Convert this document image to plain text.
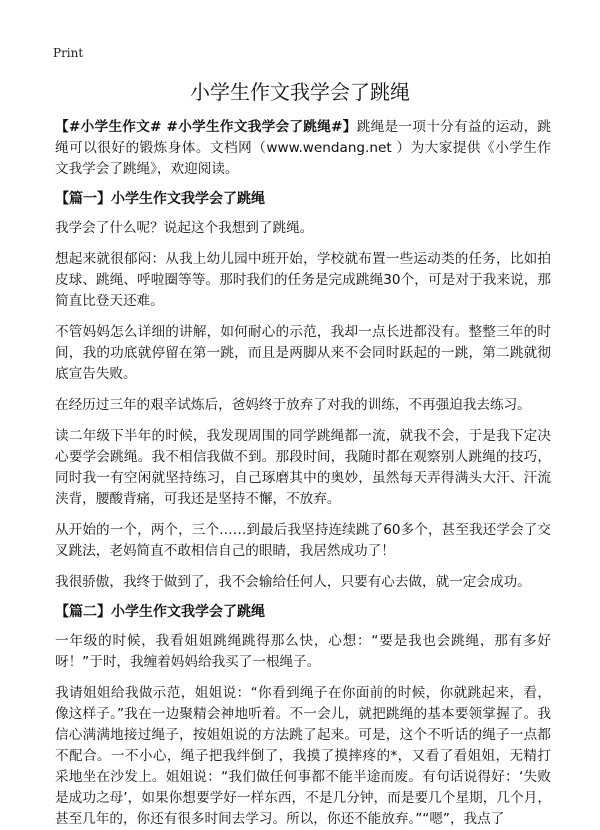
Print
小学生作文我学会了跳绳

【#小学生作文# #小学生作文我学会了跳绳#】跳绳是一项十分有益的运动，跳绳可以很好的锻炼身体。文档网（www.wendang.net ）为大家提供《小学生作文我学会了跳绳》，欢迎阅读。

【篇一】小学生作文我学会了跳绳

我学会了什么呢？说起这个我想到了跳绳。

想起来就很郁闷：从我上幼儿园中班开始，学校就布置一些运动类的任务，比如拍皮球、跳绳、呼啦圈等等。那时我们的任务是完成跳绳30个，可是对于我来说，那简直比登天还难。

不管妈妈怎么详细的讲解，如何耐心的示范，我却一点长进都没有。整整三年的时间，我的功底就停留在第一跳，而且是两脚从来不会同时跃起的一跳，第二跳就彻底宣告失败。

在经历过三年的艰辛试炼后，爸妈终于放弃了对我的训练，不再强迫我去练习。

读二年级下半年的时候，我发现周围的同学跳绳都一流，就我不会，于是我下定决心要学会跳绳。我不相信我做不到。那段时间，我随时都在观察别人跳绳的技巧，同时我一有空闲就坚持练习，自己琢磨其中的奥妙，虽然每天弄得满头大汗、汗流浃背，腰酸背痛，可我还是坚持不懈，不放弃。

从开始的一个，两个，三个……到最后我坚持连续跳了60多个，甚至我还学会了交叉跳法，老妈简直不敢相信自己的眼睛，我居然成功了！

我很骄傲，我终于做到了，我不会输给任何人，只要有心去做，就一定会成功。

【篇二】小学生作文我学会了跳绳

一年级的时候，我看姐姐跳绳跳得那么快，心想：“要是我也会跳绳，那有多好呀！”于时，我缠着妈妈给我买了一根绳子。

我请姐姐给我做示范，姐姐说：“你看到绳子在你面前的时候，你就跳起来，看，像这样子。”我在一边聚精会神地听着。不一会儿，就把跳绳的基本要领掌握了。我信心满满地接过绳子，按姐姐说的方法跳了起来。可是，这个不听话的绳子一点都不配合。一不小心，绳子把我绊倒了，我摸了摸摔疼的*，又看了看姐姐，无精打采地坐在沙发上。姐姐说：“我们做任何事都不能半途而废。有句话说得好：‘失败是成功之母’，如果你想要学好一样东西，不是几分钟，而是要几个星期，几个月，甚至几年的，你还有很多时间去学习。所以，你还不能放弃。”“嗯”，我点了
